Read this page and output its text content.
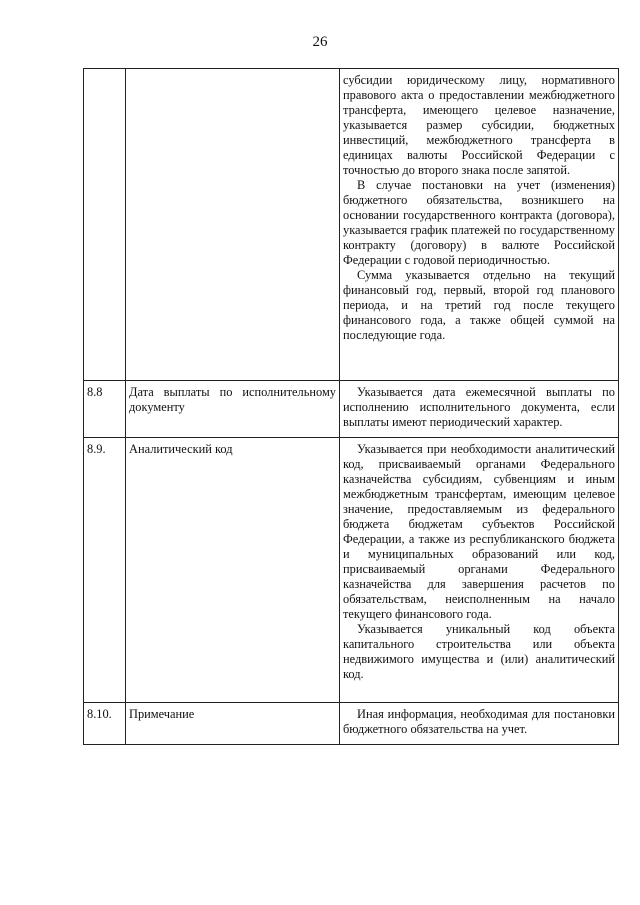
26

		субсидии юридическому лицу, нормативного правового акта о предоставлении межбюджетного трансферта, имеющего целевое назначение, указывается размер субсидии, бюджетных инвестиций, межбюджетного трансферта в единицах валюты Российской Федерации с точностью до второго знака после запятой.

В случае постановки на учет (изменения) бюджетного обязательства, возникшего на основании государственного контракта (договора), указывается график платежей по государственному контракту (договору) в валюте Российской Федерации с годовой периодичностью.

Сумма указывается отдельно на текущий финансовый год, первый, второй год планового периода, и на третий год после текущего финансового года, а также общей суммой на последующие года.

8.8	Дата выплаты по исполнительному документу	Указывается дата ежемесячной выплаты по исполнению исполнительного документа, если выплаты имеют периодический характер.

8.9.	Аналитический код	Указывается при необходимости аналитический код, присваиваемый органами Федерального казначейства субсидиям, субвенциям и иным межбюджетным трансфертам, имеющим целевое значение, предоставляемым из федерального бюджета бюджетам субъектов Российской Федерации, а также из республиканского бюджета и муниципальных образований или код, присваиваемый органами Федерального казначейства для завершения расчетов по обязательствам, неисполненным на начало текущего финансового года.

Указывается уникальный код объекта капитального строительства или объекта недвижимого имущества и (или) аналитический код.

8.10.	Примечание	Иная информация, необходимая для постановки бюджетного обязательства на учет.
